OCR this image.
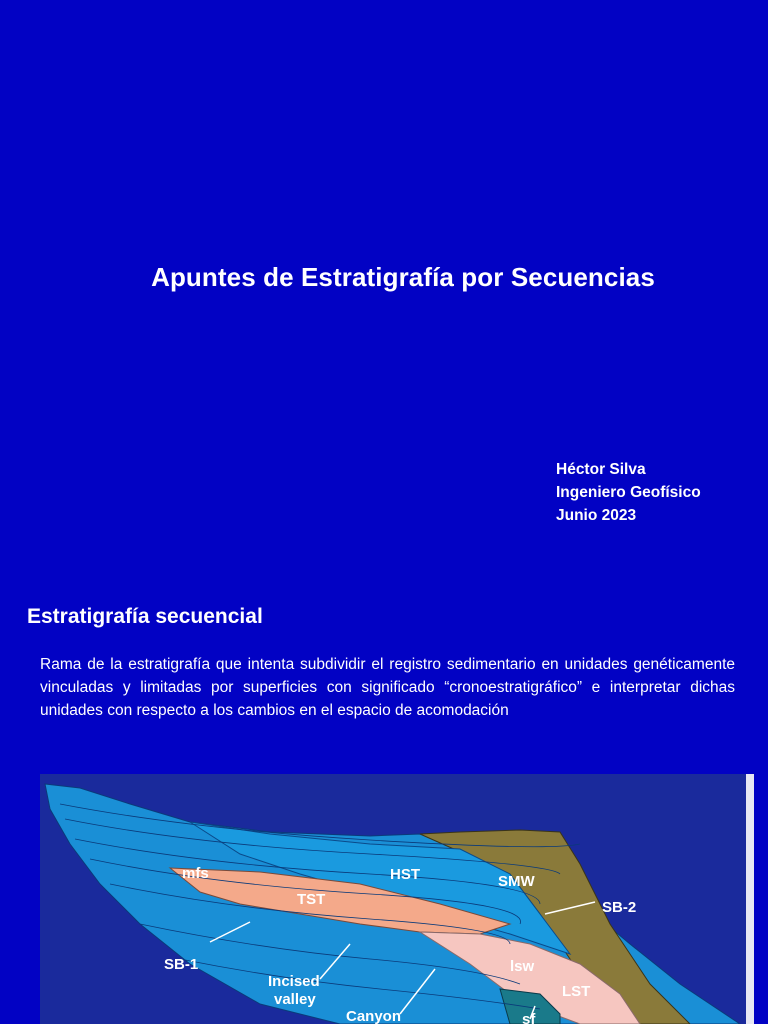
Apuntes de Estratigrafía por Secuencias
Héctor Silva
Ingeniero Geofísico
Junio 2023
Estratigrafía secuencial
Rama de la estratigrafía que intenta subdividir el registro sedimentario en unidades genéticamente vinculadas y limitadas por superficies con significado “cronoestratigráfico” e interpretar dichas unidades con respecto a los cambios en el espacio de acomodación
mfs	HST	SMW
TST	SB-2
SB-1	lsw
Incised
valley	LST
Canyon	sf
